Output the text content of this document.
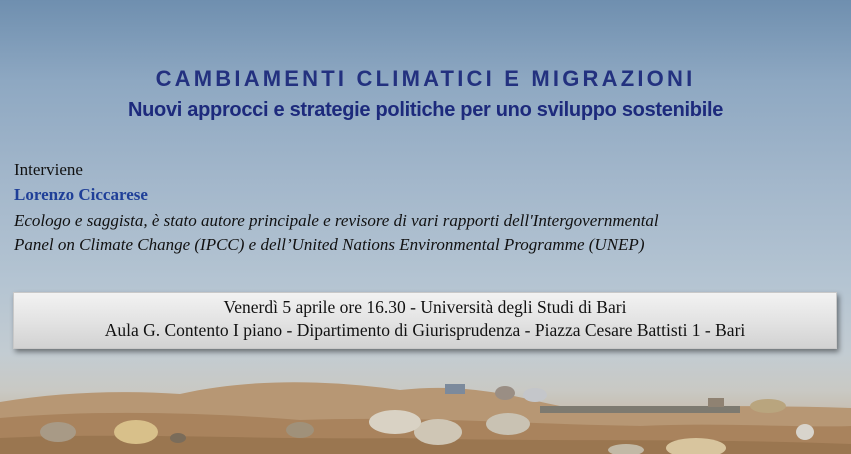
CAMBIAMENTI CLIMATICI E MIGRAZIONI
Nuovi approcci e strategie politiche per uno sviluppo sostenibile
Interviene
Lorenzo Ciccarese
Ecologo e saggista, è stato autore principale e revisore di vari rapporti dell'Intergovernmental
Panel on Climate Change (IPCC) e dell’United Nations Environmental Programme (UNEP)
Venerdì 5 aprile ore 16.30 - Università degli Studi di Bari
Aula G. Contento I piano - Dipartimento di Giurisprudenza - Piazza Cesare Battisti 1 - Bari
